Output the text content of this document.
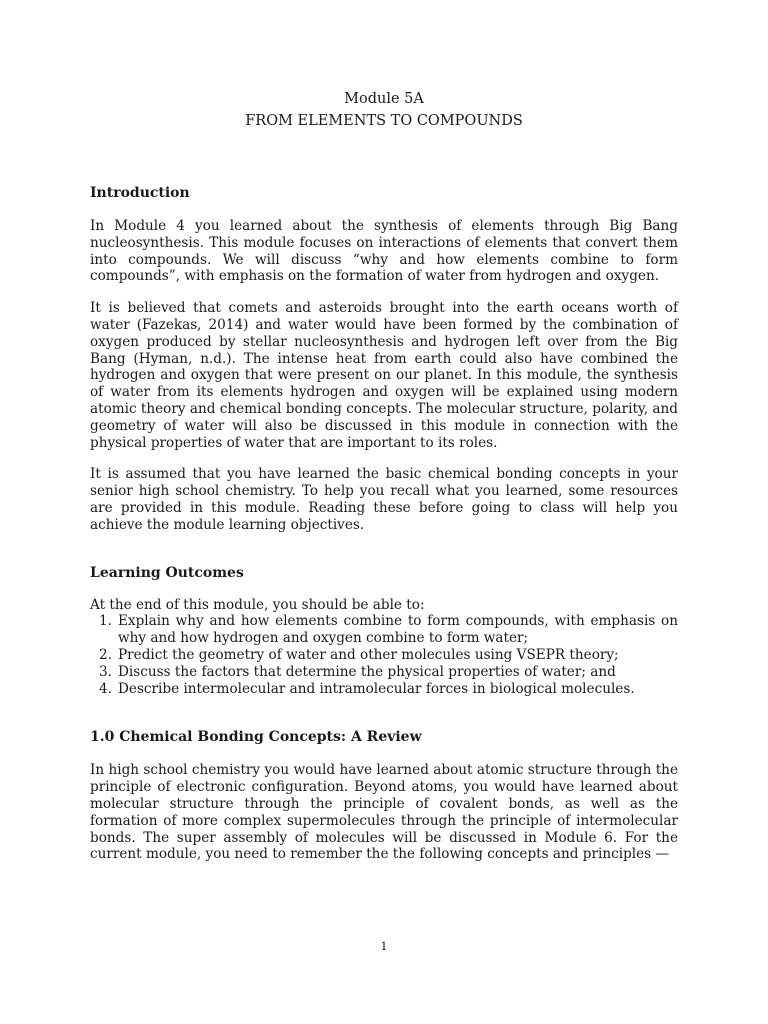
Module 5A
FROM ELEMENTS TO COMPOUNDS
Introduction

In Module 4 you learned about the synthesis of elements through Big Bang nucleosynthesis. This module focuses on interactions of elements that convert them into compounds. We will discuss “why and how elements combine to form compounds”, with emphasis on the formation of water from hydrogen and oxygen.

It is believed that comets and asteroids brought into the earth oceans worth of water (Fazekas, 2014) and water would have been formed by the combination of oxygen produced by stellar nucleosynthesis and hydrogen left over from the Big Bang (Hyman, n.d.). The intense heat from earth could also have combined the hydrogen and oxygen that were present on our planet. In this module, the synthesis of water from its elements hydrogen and oxygen will be explained using modern atomic theory and chemical bonding concepts. The molecular structure, polarity, and geometry of water will also be discussed in this module in connection with the physical properties of water that are important to its roles.

It is assumed that you have learned the basic chemical bonding concepts in your senior high school chemistry. To help you recall what you learned, some resources are provided in this module. Reading these before going to class will help you achieve the module learning objectives.

Learning Outcomes

At the end of this module, you should be able to:

1. Explain why and how elements combine to form compounds, with emphasis on why and how hydrogen and oxygen combine to form water;
2. Predict the geometry of water and other molecules using VSEPR theory;
3. Discuss the factors that determine the physical properties of water; and
4. Describe intermolecular and intramolecular forces in biological molecules.
1.0 Chemical Bonding Concepts: A Review

In high school chemistry you would have learned about atomic structure through the principle of electronic configuration. Beyond atoms, you would have learned about molecular structure through the principle of covalent bonds, as well as the formation of more complex supermolecules through the principle of intermolecular bonds. The super assembly of molecules will be discussed in Module 6. For the current module, you need to remember the the following concepts and principles —

1
